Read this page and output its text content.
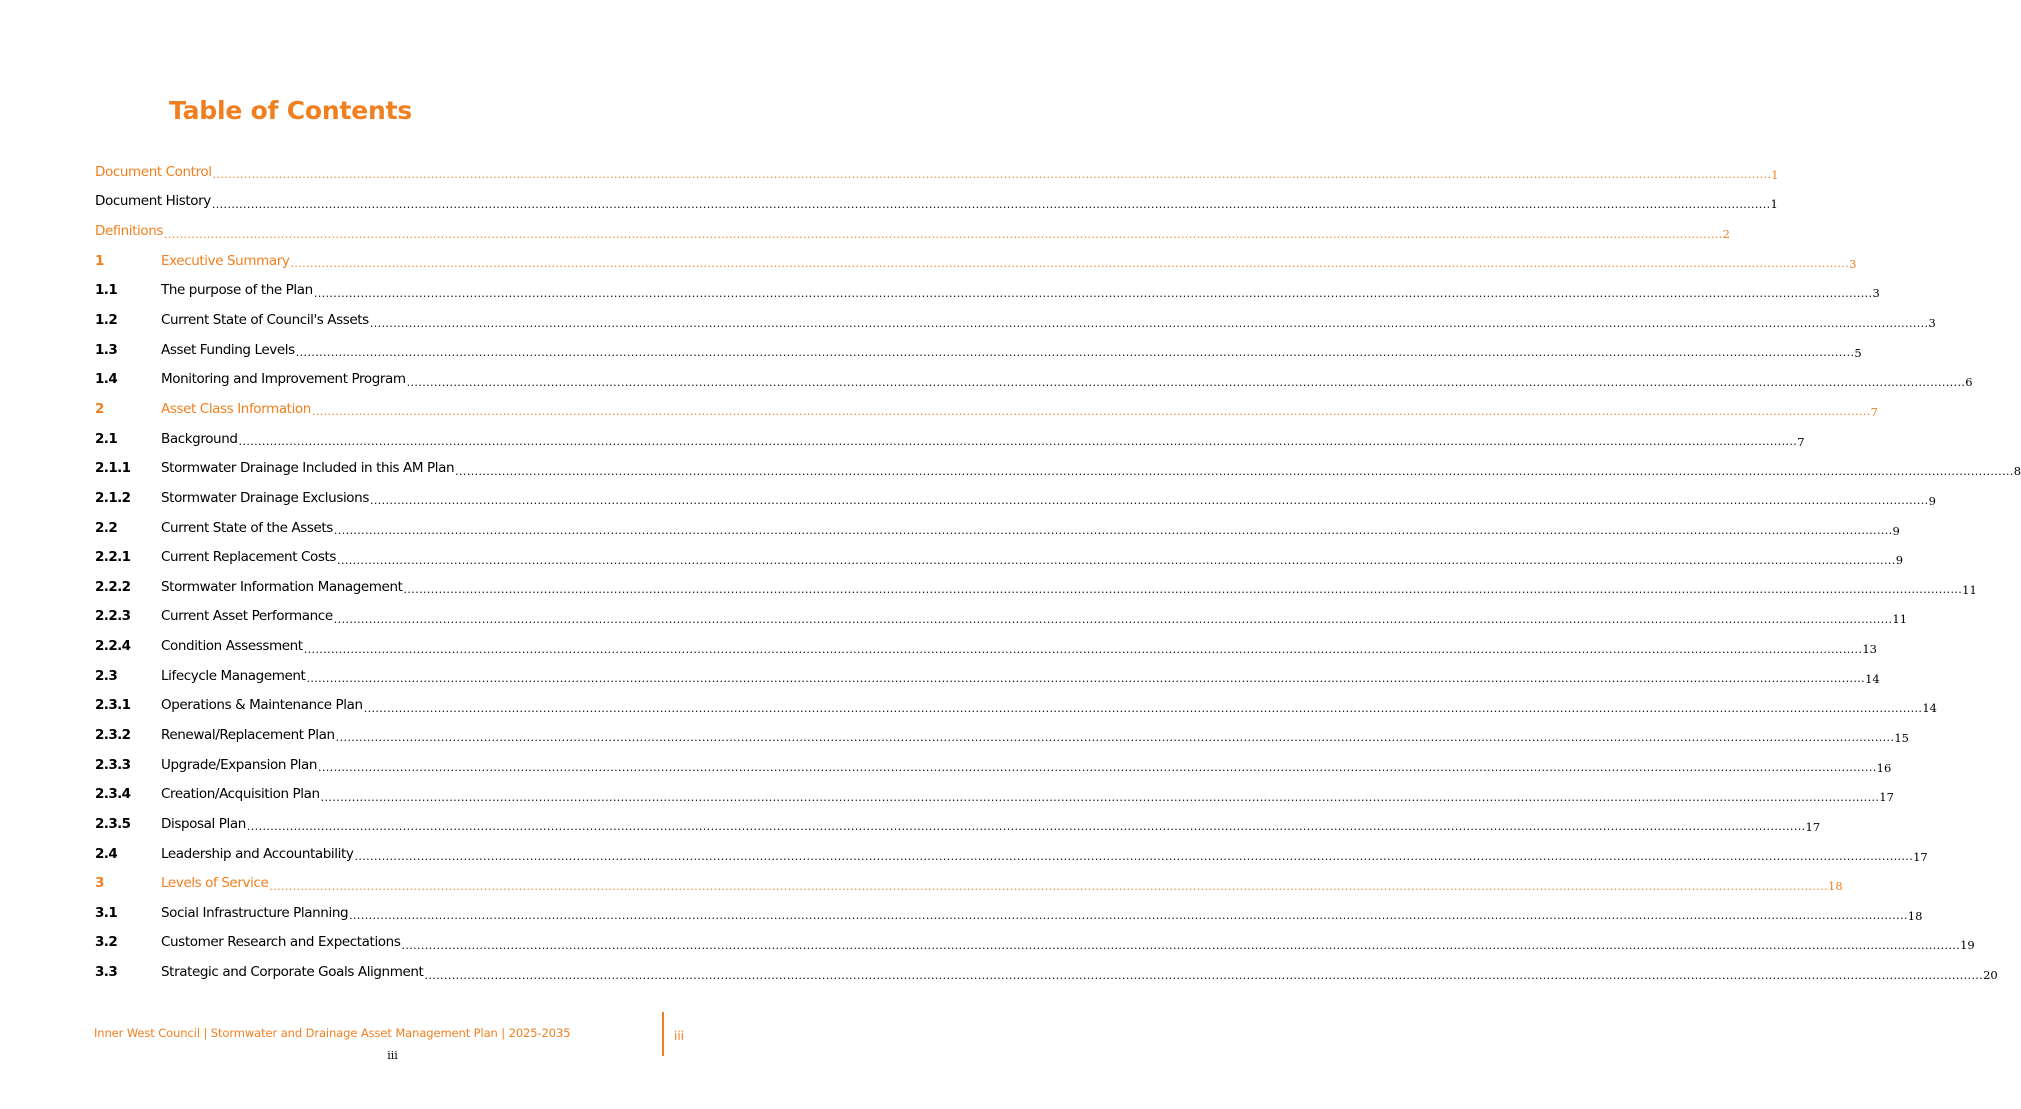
Table of Contents
Document Control ................................................................................................................................................................................................................................................................................................................................................................................................................ 1
Document History ................................................................................................................................................................................................................................................................................................................................................................................................................ 1
Definitions ................................................................................................................................................................................................................................................................................................................................................................................................................ 2
1	Executive Summary ................................................................................................................................................................................................................................................................................................................................................................................................................ 3
1.1	The purpose of the Plan ................................................................................................................................................................................................................................................................................................................................................................................................................ 3
1.2	Current State of Council's Assets ................................................................................................................................................................................................................................................................................................................................................................................................................ 3
1.3	Asset Funding Levels ................................................................................................................................................................................................................................................................................................................................................................................................................ 5
1.4	Monitoring and Improvement Program ................................................................................................................................................................................................................................................................................................................................................................................................................ 6
2	Asset Class Information ................................................................................................................................................................................................................................................................................................................................................................................................................ 7
2.1	Background ................................................................................................................................................................................................................................................................................................................................................................................................................ 7
2.1.1	Stormwater Drainage Included in this AM Plan ................................................................................................................................................................................................................................................................................................................................................................................................................ 8
2.1.2	Stormwater Drainage Exclusions ................................................................................................................................................................................................................................................................................................................................................................................................................ 9
2.2	Current State of the Assets ................................................................................................................................................................................................................................................................................................................................................................................................................ 9
2.2.1	Current Replacement Costs ................................................................................................................................................................................................................................................................................................................................................................................................................ 9
2.2.2	Stormwater Information Management ................................................................................................................................................................................................................................................................................................................................................................................................................ 11
2.2.3	Current Asset Performance ................................................................................................................................................................................................................................................................................................................................................................................................................ 11
2.2.4	Condition Assessment ................................................................................................................................................................................................................................................................................................................................................................................................................ 13
2.3	Lifecycle Management ................................................................................................................................................................................................................................................................................................................................................................................................................ 14
2.3.1	Operations & Maintenance Plan ................................................................................................................................................................................................................................................................................................................................................................................................................ 14
2.3.2	Renewal/Replacement Plan ................................................................................................................................................................................................................................................................................................................................................................................................................ 15
2.3.3	Upgrade/Expansion Plan ................................................................................................................................................................................................................................................................................................................................................................................................................ 16
2.3.4	Creation/Acquisition Plan ................................................................................................................................................................................................................................................................................................................................................................................................................ 17
2.3.5	Disposal Plan ................................................................................................................................................................................................................................................................................................................................................................................................................ 17
2.4	Leadership and Accountability ................................................................................................................................................................................................................................................................................................................................................................................................................ 17
3	Levels of Service ................................................................................................................................................................................................................................................................................................................................................................................................................ 18
3.1	Social Infrastructure Planning ................................................................................................................................................................................................................................................................................................................................................................................................................ 18
3.2	Customer Research and Expectations ................................................................................................................................................................................................................................................................................................................................................................................................................ 19
3.3	Strategic and Corporate Goals Alignment ................................................................................................................................................................................................................................................................................................................................................................................................................ 20
Inner West Council | Stormwater and Drainage Asset Management Plan | 2025-2035	iii
iii
